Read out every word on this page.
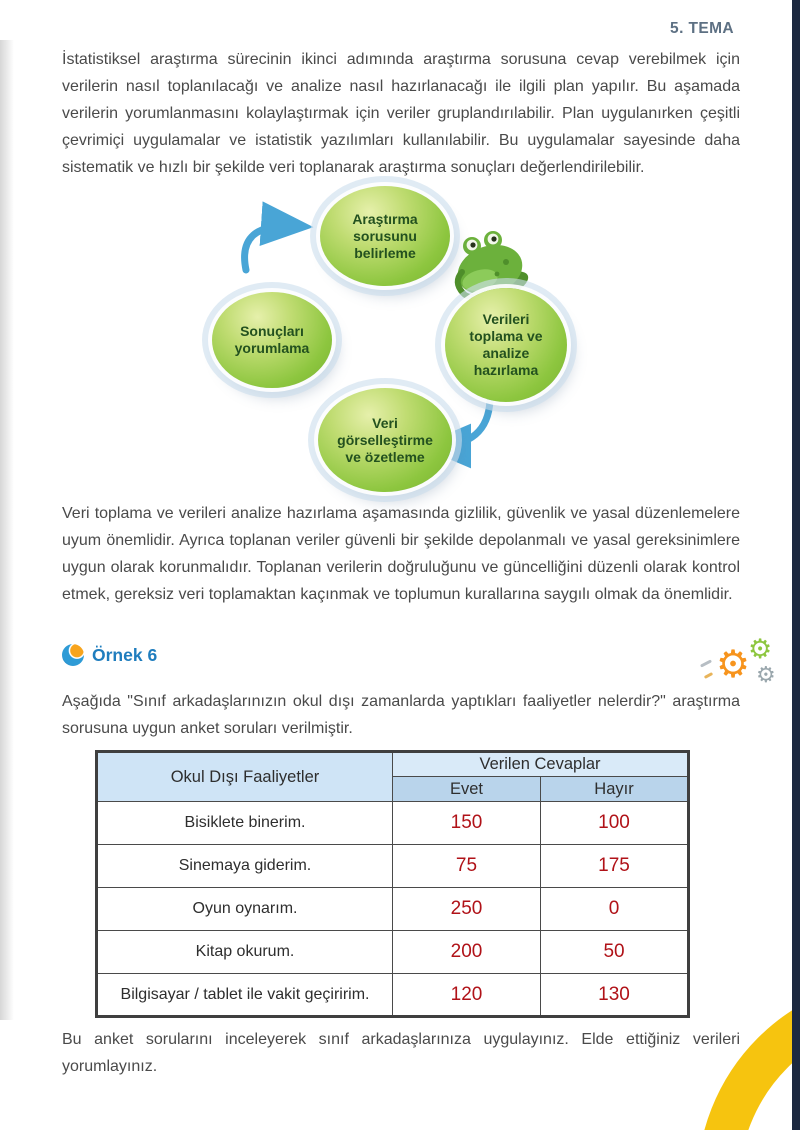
5. TEMA

İstatistiksel araştırma sürecinin ikinci adımında araştırma sorusuna cevap verebilmek için verilerin nasıl toplanılacağı ve analize nasıl hazırlanacağı ile ilgili plan yapılır. Bu aşamada verilerin yorumlanmasını kolaylaştırmak için veriler gruplandırılabilir. Plan uygulanırken çeşitli çevrimiçi uygulamalar ve istatistik yazılımları kullanılabilir. Bu uygulamalar sayesinde daha sistematik ve hızlı bir şekilde veri toplanarak araştırma sonuçları değerlendirilebilir.

Araştırma sorusunu belirleme
Verileri toplama ve analize hazırlama
Veri görselleştirme ve özetleme
Sonuçları yorumlama

Veri toplama ve verileri analize hazırlama aşamasında gizlilik, güvenlik ve yasal düzenlemelere uyum önemlidir. Ayrıca toplanan veriler güvenli bir şekilde depolanmalı ve yasal gereksinimlere uygun olarak korunmalıdır. Toplanan verilerin doğruluğunu ve güncelliğini düzenli olarak kontrol etmek, gereksiz veri toplamaktan kaçınmak ve toplumun kurallarına saygılı olmak da önemlidir.

Örnek 6	⚙
⚙
⚙

Aşağıda "Sınıf arkadaşlarınızın okul dışı zamanlarda yaptıkları faaliyetler nelerdir?" araştırma sorusuna uygun anket soruları verilmiştir.

Okul Dışı Faaliyetler	Verilen Cevaplar	
	Evet	Hayır
Bisiklete binerim.	150	100
Sinemaya giderim.	75	175
Oyun oynarım.	250	0
Kitap okurum.	200	50
Bilgisayar / tablet ile vakit geçiririm.	120	130

Bu anket sorularını inceleyerek sınıf arkadaşlarınıza uygulayınız. Elde ettiğiniz verileri yorumlayınız.
